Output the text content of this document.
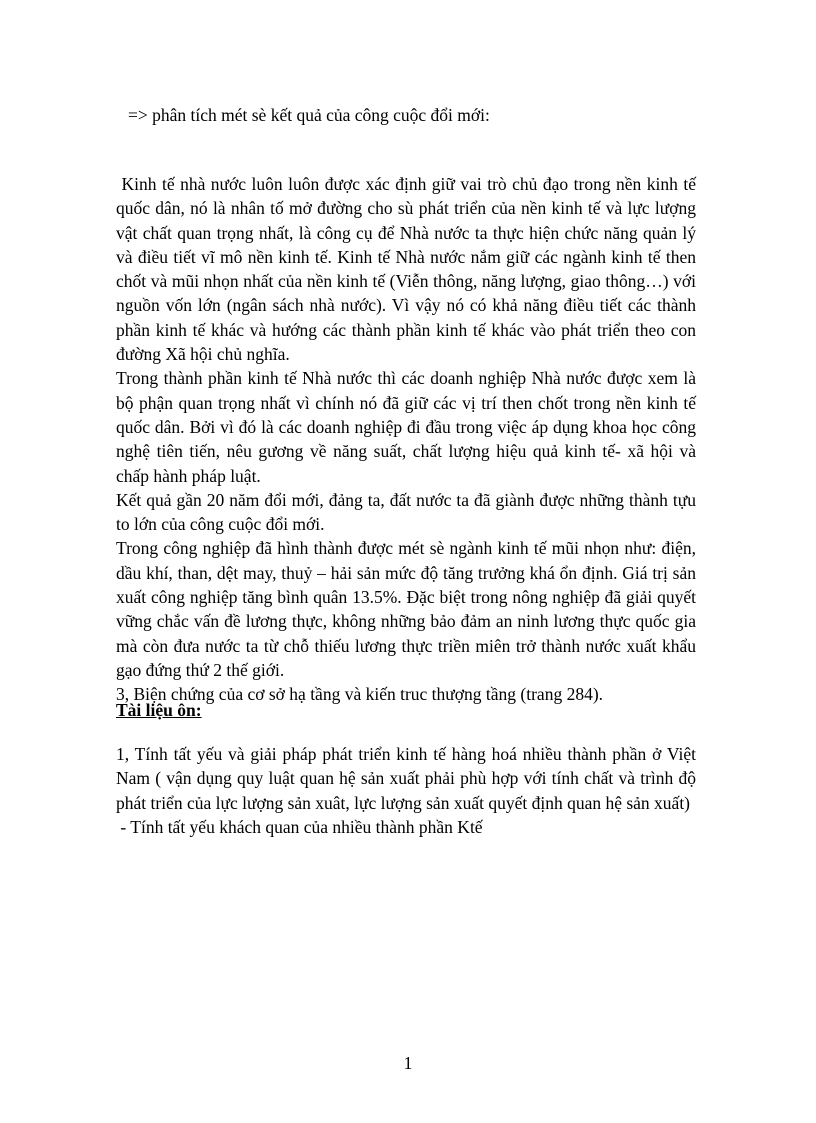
=> phân tích mét sè kết quả của công cuộc đổi mới:

Kinh tế nhà nước luôn luôn được xác định giữ vai trò chủ đạo trong nền kinh tế quốc dân, nó là nhân tố mở đường cho sù phát triển của nền kinh tế và lực lượng vật chất quan trọng nhất, là công cụ để Nhà nước ta thực hiện chức năng quản lý và điều tiết vĩ mô nền kinh tế. Kinh tế Nhà nước nắm giữ các ngành kinh tế then chốt và mũi nhọn nhất của nền kinh tế (Viễn thông, năng lượng, giao thông…) với nguồn vốn lớn (ngân sách nhà nước). Vì vậy nó có khả năng điều tiết các thành phần kinh tế khác và hướng các thành phần kinh tế khác vào phát triển theo con đường Xã hội chủ nghĩa.

Trong thành phần kinh tế Nhà nước thì các doanh nghiệp Nhà nước được xem là bộ phận quan trọng nhất vì chính nó đã giữ các vị trí then chốt trong nền kinh tế quốc dân. Bởi vì đó là các doanh nghiệp đi đầu trong việc áp dụng khoa học công nghệ tiên tiến, nêu gương về năng suất, chất lượng hiệu quả kinh tế- xã hội và chấp hành pháp luật.

Kết quả gần 20 năm đổi mới, đảng ta, đất nước ta đã giành được những thành tựu to lớn của công cuộc đổi mới.

Trong công nghiệp đã hình thành được mét sè ngành kinh tế mũi nhọn như: điện, dầu khí, than, dệt may, thuỷ – hải sản mức độ tăng trưởng khá ổn định. Giá trị sản xuất công nghiệp tăng bình quân 13.5%. Đặc biệt trong nông nghiệp đã giải quyết vững chắc vấn đề lương thực, không những bảo đảm an ninh lương thực quốc gia mà còn đưa nước ta từ chỗ thiếu lương thực triền miên trở thành nước xuất khẩu gạo đứng thứ 2 thế giới.

3, Biện chứng của cơ sở hạ tầng và kiến truc thượng tầng (trang 284).

Tài liệu ôn:

1, Tính tất yếu và giải pháp phát triển kinh tế hàng hoá nhiều thành phần ở Việt Nam ( vận dụng quy luật quan hệ sản xuất phải phù hợp với tính chất và trình độ phát triển của lực lượng sản xuât, lực lượng sản xuất quyết định quan hệ sản xuất)

- Tính tất yếu khách quan của nhiều thành phần Ktế

1
